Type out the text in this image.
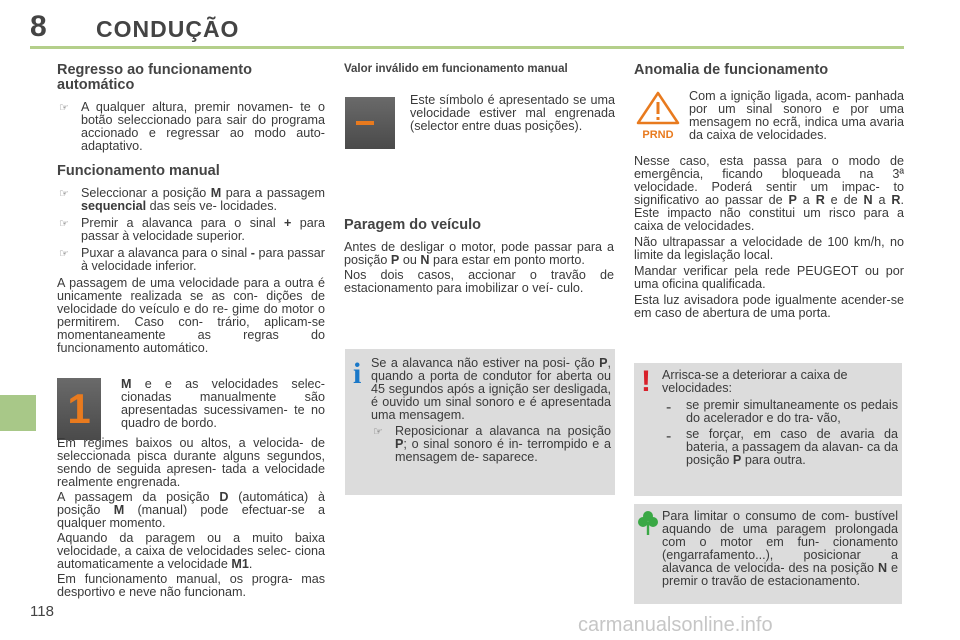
8 CONDUÇÃO
118
Regresso ao funcionamento automático
☞ A qualquer altura, premir novamen- te o botão seleccionado para sair do programa accionado e regressar ao modo auto-adaptativo.

Funcionamento manual
☞ Seleccionar a posição M para a passagem sequencial das seis ve- locidades.

☞ Premir a alavanca para o sinal + para passar à velocidade superior.

☞ Puxar a alavanca para o sinal - para passar à velocidade inferior.

A passagem de uma velocidade para a outra é unicamente realizada se as con- dições de velocidade do veículo e do re- gime do motor o permitirem. Caso con- trário, aplicam-se momentaneamente as regras do funcionamento automático.

1

M e e as velocidades selec- cionadas manualmente são apresentadas sucessivamen- te no quadro de bordo.

Em regimes baixos ou altos, a velocida- de seleccionada pisca durante alguns segundos, sendo de seguida apresen- tada a velocidade realmente engrenada.

A passagem da posição D (automática) à posição M (manual) pode efectuar-se a qualquer momento.

Aquando da paragem ou a muito baixa velocidade, a caixa de velocidades selec- ciona automaticamente a velocidade M1.

Em funcionamento manual, os progra- mas desportivo e neve não funcionam.

Valor inválido em funcionamento manual

Este símbolo é apresentado se uma velocidade estiver mal engrenada (selector entre duas posições).

Paragem do veículo

Antes de desligar o motor, pode passar para a posição P ou N para estar em ponto morto.

Nos dois casos, accionar o travão de estacionamento para imobilizar o veí- culo.

i Se a alavanca não estiver na posi- ção P, quando a porta de condutor for aberta ou 45 segundos após a ignição ser desligada, é ouvido um sinal sonoro e é apresentada uma mensagem.

☞ Reposicionar a alavanca na posição P; o sinal sonoro é in- terrompido e a mensagem de- saparece.

Anomalia de funcionamento
PRND

Com a ignição ligada, acom- panhada por um sinal sonoro e por uma mensagem no ecrã, indica uma avaria da caixa de velocidades.

Nesse caso, esta passa para o modo de emergência, ficando bloqueada na 3ª velocidade. Poderá sentir um impac- to significativo ao passar de P a R e de N a R. Este impacto não constitui um risco para a caixa de velocidades.

Não ultrapassar a velocidade de 100 km/h, no limite da legislação local.

Mandar verificar pela rede PEUGEOT ou por uma oficina qualificada.

Esta luz avisadora pode igualmente acender-se em caso de abertura de uma porta.

! Arrisca-se a deteriorar a caixa de velocidades:

- se premir simultaneamente os pedais do acelerador e do tra- vão,

- se forçar, em caso de avaria da bateria, a passagem da alavan- ca da posição P para outra.

Para limitar o consumo de com- bustível aquando de uma paragem prolongada com o motor em fun- cionamento (engarrafamento...), posicionar a alavanca de velocida- des na posição N e premir o travão de estacionamento.

carmanualsonline.info
